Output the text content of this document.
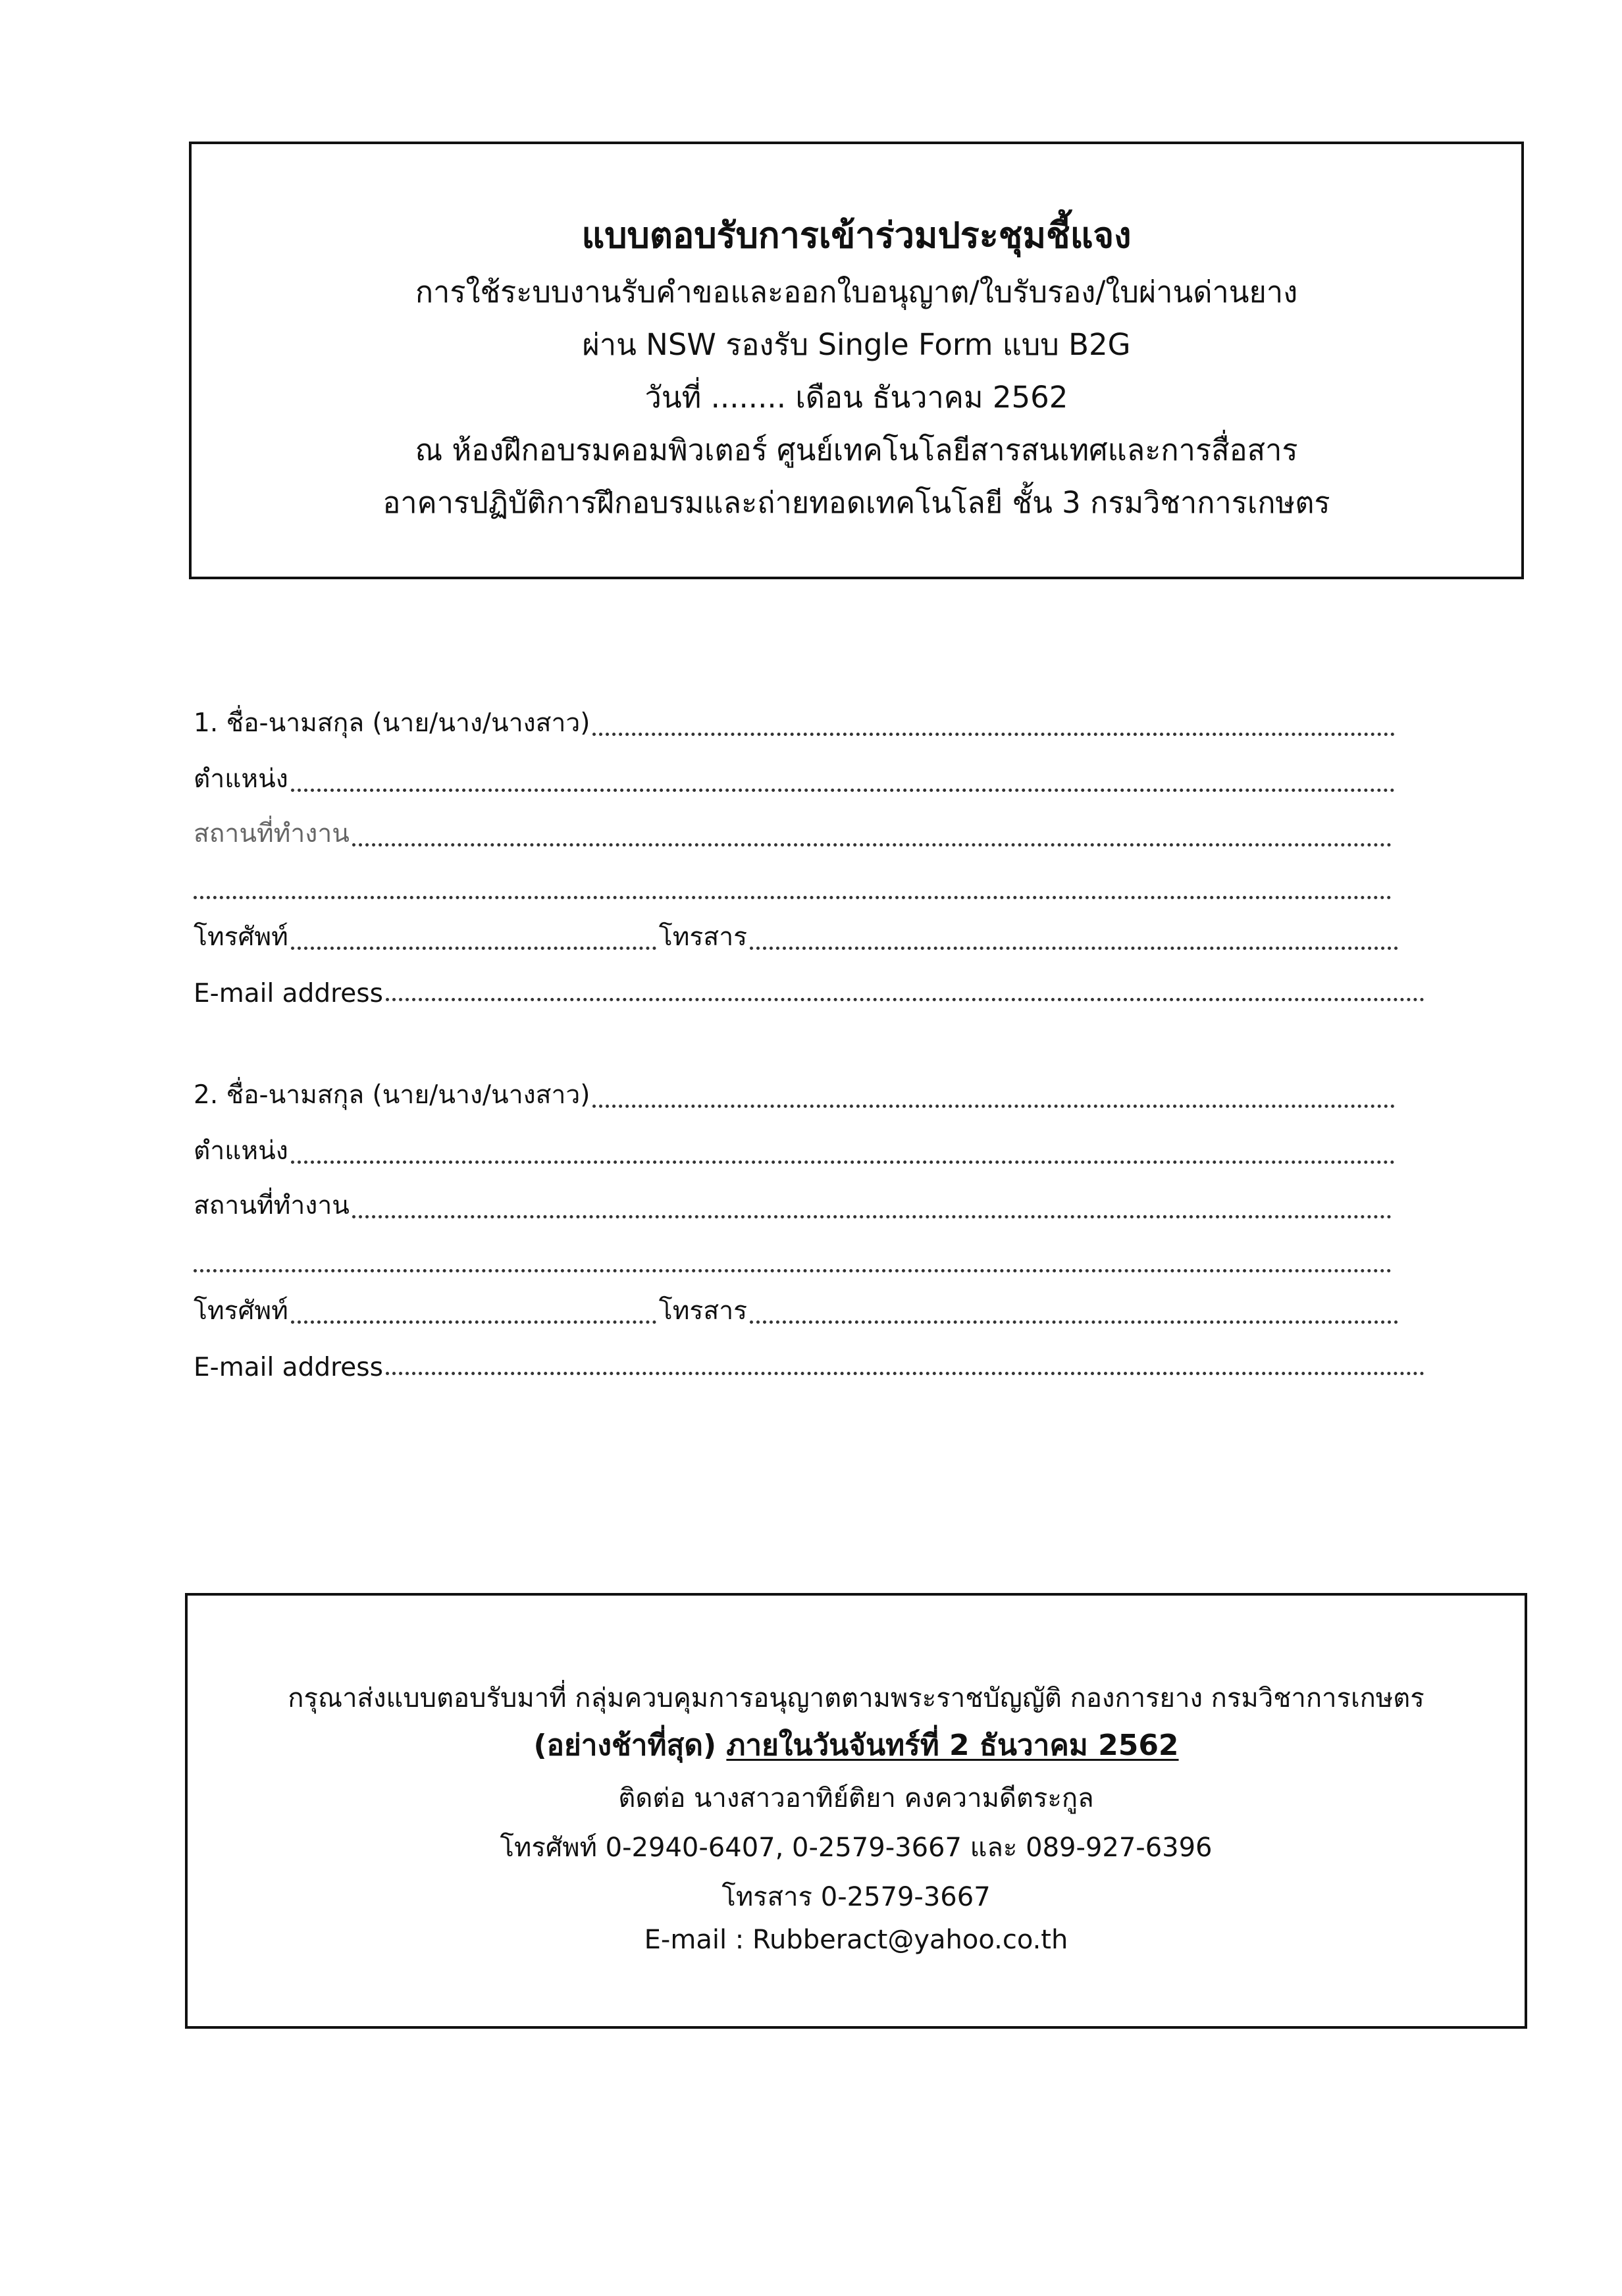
แบบตอบรับการเข้าร่วมประชุมชี้แจง
การใช้ระบบงานรับคำขอและออกใบอนุญาต/ใบรับรอง/ใบผ่านด่านยาง
ผ่าน NSW รองรับ Single Form แบบ B2G
วันที่ ........ เดือน ธันวาคม 2562
ณ ห้องฝึกอบรมคอมพิวเตอร์ ศูนย์เทคโนโลยีสารสนเทศและการสื่อสาร
อาคารปฏิบัติการฝึกอบรมและถ่ายทอดเทคโนโลยี ชั้น 3 กรมวิชาการเกษตร
1. ชื่อ-นามสกุล (นาย/นาง/นางสาว)
ตำแหน่ง
สถานที่ทำงาน
โทรศัพท์	โทรสาร
E-mail address
2. ชื่อ-นามสกุล (นาย/นาง/นางสาว)
ตำแหน่ง
สถานที่ทำงาน
โทรศัพท์	โทรสาร
E-mail address
กรุณาส่งแบบตอบรับมาที่ กลุ่มควบคุมการอนุญาตตามพระราชบัญญัติ กองการยาง กรมวิชาการเกษตร
(อย่างช้าที่สุด) ภายในวันจันทร์ที่ 2 ธันวาคม 2562
ติดต่อ นางสาวอาทิย์ติยา คงความดีตระกูล
โทรศัพท์ 0-2940-6407, 0-2579-3667 และ 089-927-6396
โทรสาร 0-2579-3667
E-mail : Rubberact@yahoo.co.th
